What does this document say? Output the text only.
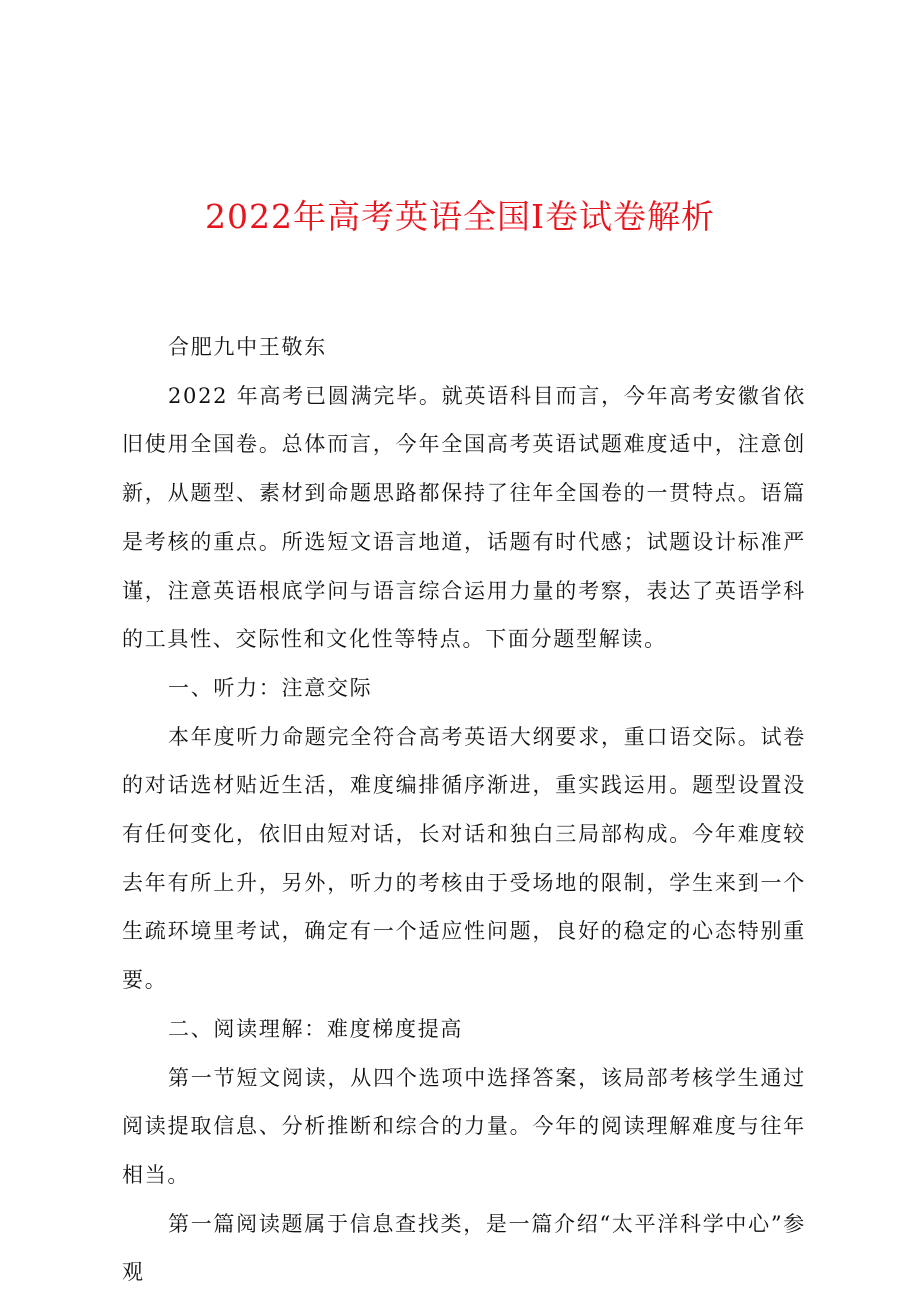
2022年高考英语全国Ⅰ卷试卷解析

合肥九中王敬东

2022 年高考已圆满完毕。就英语科目而言，今年高考安徽省依旧使用全国卷。总体而言，今年全国高考英语试题难度适中，注意创新，从题型、素材到命题思路都保持了往年全国卷的一贯特点。语篇是考核的重点。所选短文语言地道，话题有时代感；试题设计标准严谨，注意英语根底学问与语言综合运用力量的考察，表达了英语学科的工具性、交际性和文化性等特点。下面分题型解读。

一、听力：注意交际

本年度听力命题完全符合高考英语大纲要求，重口语交际。试卷的对话选材贴近生活，难度编排循序渐进，重实践运用。题型设置没有任何变化，依旧由短对话，长对话和独白三局部构成。今年难度较去年有所上升，另外，听力的考核由于受场地的限制，学生来到一个生疏环境里考试，确定有一个适应性问题，良好的稳定的心态特别重要。

二、阅读理解：难度梯度提高

第一节短文阅读，从四个选项中选择答案，该局部考核学生通过阅读提取信息、分析推断和综合的力量。今年的阅读理解难度与往年相当。

第一篇阅读题属于信息查找类，是一篇介绍“太平洋科学中心”参观
